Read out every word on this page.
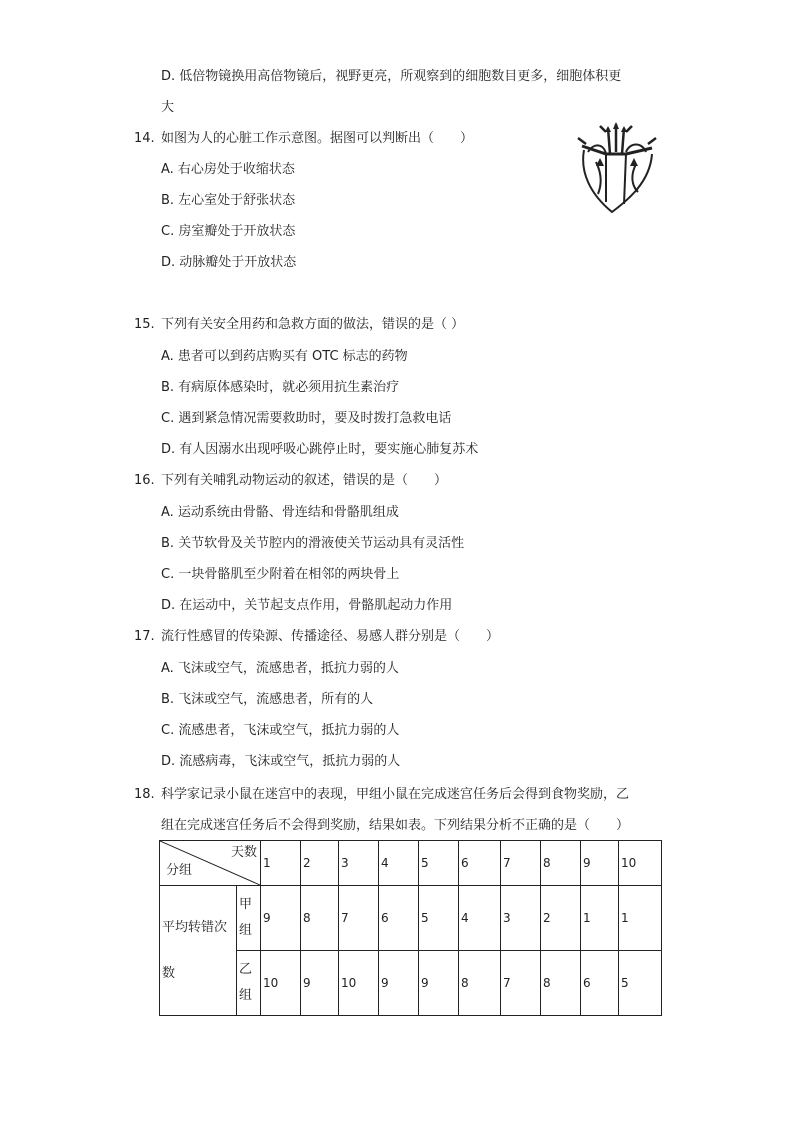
D. 低倍物镜换用高倍物镜后，视野更亮，所观察到的细胞数目更多，细胞体积更
大
14. 如图为人的心脏工作示意图。据图可以判断出（　　）
A. 右心房处于收缩状态
B. 左心室处于舒张状态
C. 房室瓣处于开放状态
D. 动脉瓣处于开放状态
15. 下列有关安全用药和急救方面的做法，错误的是（ ）
A. 患者可以到药店购买有 OTC 标志的药物
B. 有病原体感染时，就必须用抗生素治疗
C. 遇到紧急情况需要救助时，要及时拨打急救电话
D. 有人因溺水出现呼吸心跳停止时，要实施心肺复苏术
16. 下列有关哺乳动物运动的叙述，错误的是（　　）
A. 运动系统由骨骼、骨连结和骨骼肌组成
B. 关节软骨及关节腔内的滑液使关节运动具有灵活性
C. 一块骨骼肌至少附着在相邻的两块骨上
D. 在运动中，关节起支点作用，骨骼肌起动力作用
17. 流行性感冒的传染源、传播途径、易感人群分别是（　　）
A. 飞沫或空气，流感患者，抵抗力弱的人
B. 飞沫或空气，流感患者，所有的人
C. 流感患者，飞沫或空气，抵抗力弱的人
D. 流感病毒，飞沫或空气，抵抗力弱的人
18. 科学家记录小鼠在迷宫中的表现，甲组小鼠在完成迷宫任务后会得到食物奖励，乙
组在完成迷宫任务后不会得到奖励，结果如表。下列结果分析不正确的是（　　）
天数
分组		1	2	3	4	5	6	7	8	9	10
平均转错次数	甲组	9	8	7	6	5	4	3	2	1	1
	乙组	10	9	10	9	9	8	7	8	6	5
